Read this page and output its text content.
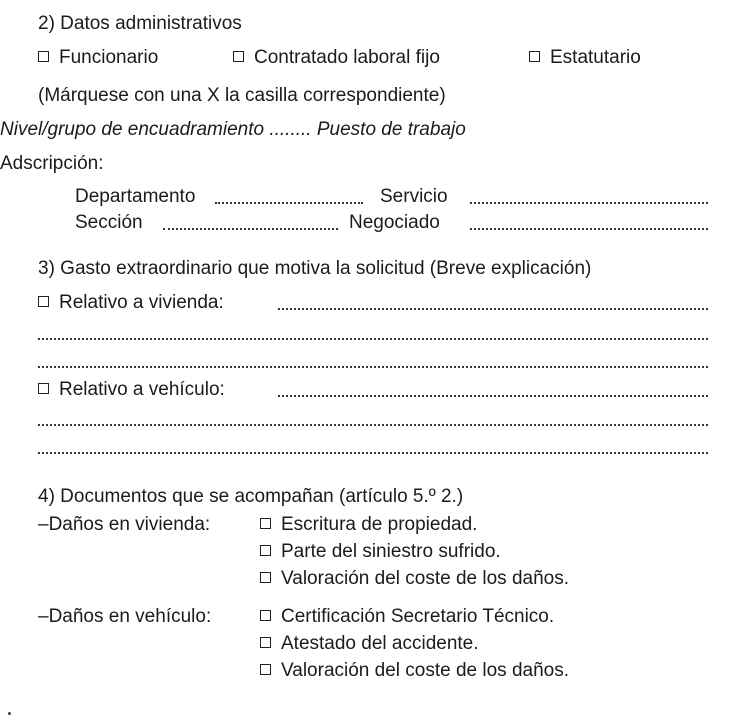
2) Datos administrativos
Funcionario	Contratado laboral fijo	Estatutario
(Márquese con una X la casilla correspondiente)
Nivel/grupo de encuadramiento ........ Puesto de trabajo
Adscripción:
Departamento	Servicio
Sección	Negociado
3) Gasto extraordinario que motiva la solicitud (Breve explicación)
Relativo a vivienda:
Relativo a vehículo:
4) Documentos que se acompañan (artículo 5.º 2.)
–Daños en vivienda:	Escritura de propiedad.
Parte del siniestro sufrido.
Valoración del coste de los daños.
–Daños en vehículo:	Certificación Secretario Técnico.
Atestado del accidente.
Valoración del coste de los daños.
